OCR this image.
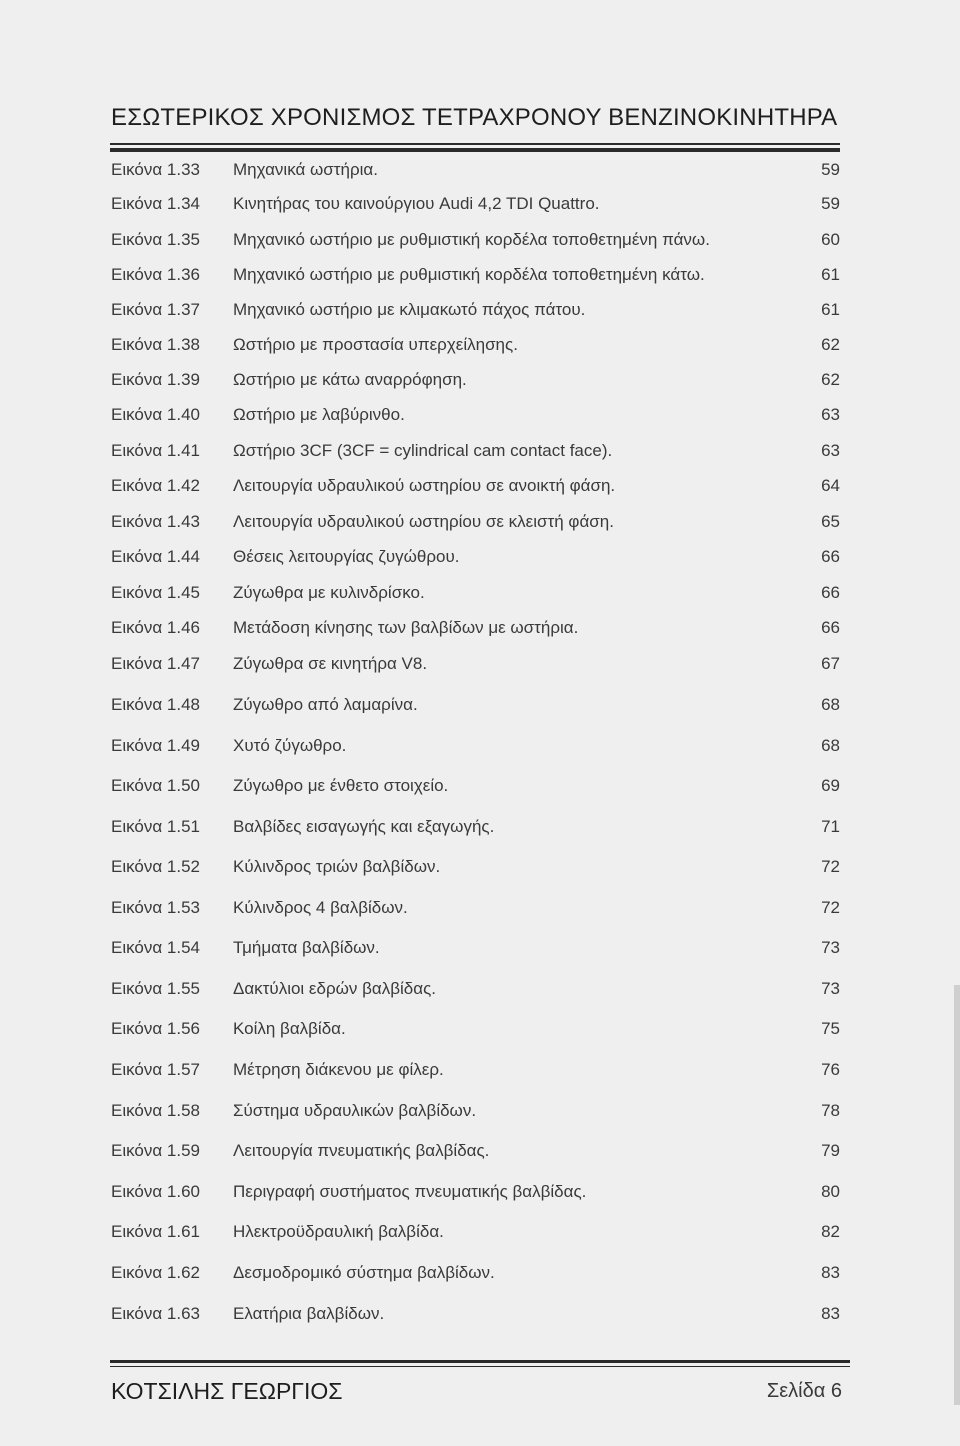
ΕΣΩΤΕΡΙΚΟΣ ΧΡΟΝΙΣΜΟΣ ΤΕΤΡΑΧΡΟΝΟΥ ΒΕΝΖΙΝΟΚΙΝΗΤΗΡΑ
Εικόνα 1.33 Μηχανικά ωστήρια.	59
Εικόνα 1.34 Κινητήρας του καινούργιου Audi 4,2 TDI Quattro.	59
Εικόνα 1.35 Μηχανικό ωστήριο με ρυθμιστική κορδέλα τοποθετημένη πάνω.	60
Εικόνα 1.36 Μηχανικό ωστήριο με ρυθμιστική κορδέλα τοποθετημένη κάτω.	61
Εικόνα 1.37 Μηχανικό ωστήριο με κλιμακωτό πάχος πάτου.	61
Εικόνα 1.38 Ωστήριο με προστασία υπερχείλησης.	62
Εικόνα 1.39 Ωστήριο με κάτω αναρρόφηση.	62
Εικόνα 1.40 Ωστήριο με λαβύρινθο.	63
Εικόνα 1.41 Ωστήριο 3CF (3CF = cylindrical cam contact face).	63
Εικόνα 1.42 Λειτουργία υδραυλικού ωστηρίου σε ανοικτή φάση.	64
Εικόνα 1.43 Λειτουργία υδραυλικού ωστηρίου σε κλειστή φάση.	65
Εικόνα 1.44 Θέσεις λειτουργίας ζυγώθρου.	66
Εικόνα 1.45 Ζύγωθρα με κυλινδρίσκο.	66
Εικόνα 1.46 Μετάδοση κίνησης των βαλβίδων με ωστήρια.	66
Εικόνα 1.47 Ζύγωθρα σε κινητήρα V8.	67
Εικόνα 1.48 Ζύγωθρο από λαμαρίνα.	68
Εικόνα 1.49 Χυτό ζύγωθρο.	68
Εικόνα 1.50 Ζύγωθρο με ένθετο στοιχείο.	69
Εικόνα 1.51 Βαλβίδες εισαγωγής και εξαγωγής.	71
Εικόνα 1.52 Κύλινδρος τριών βαλβίδων.	72
Εικόνα 1.53 Κύλινδρος 4 βαλβίδων.	72
Εικόνα 1.54 Τμήματα βαλβίδων.	73
Εικόνα 1.55 Δακτύλιοι εδρών βαλβίδας.	73
Εικόνα 1.56 Κοίλη βαλβίδα.	75
Εικόνα 1.57 Μέτρηση διάκενου με φίλερ.	76
Εικόνα 1.58 Σύστημα υδραυλικών βαλβίδων.	78
Εικόνα 1.59 Λειτουργία πνευματικής βαλβίδας.	79
Εικόνα 1.60 Περιγραφή συστήματος πνευματικής βαλβίδας.	80
Εικόνα 1.61 Ηλεκτροϋδραυλική βαλβίδα.	82
Εικόνα 1.62 Δεσμοδρομικό σύστημα βαλβίδων.	83
Εικόνα 1.63 Ελατήρια βαλβίδων.	83
ΚΟΤΣΙΛΗΣ ΓΕΩΡΓΙΟΣ	Σελίδα 6
